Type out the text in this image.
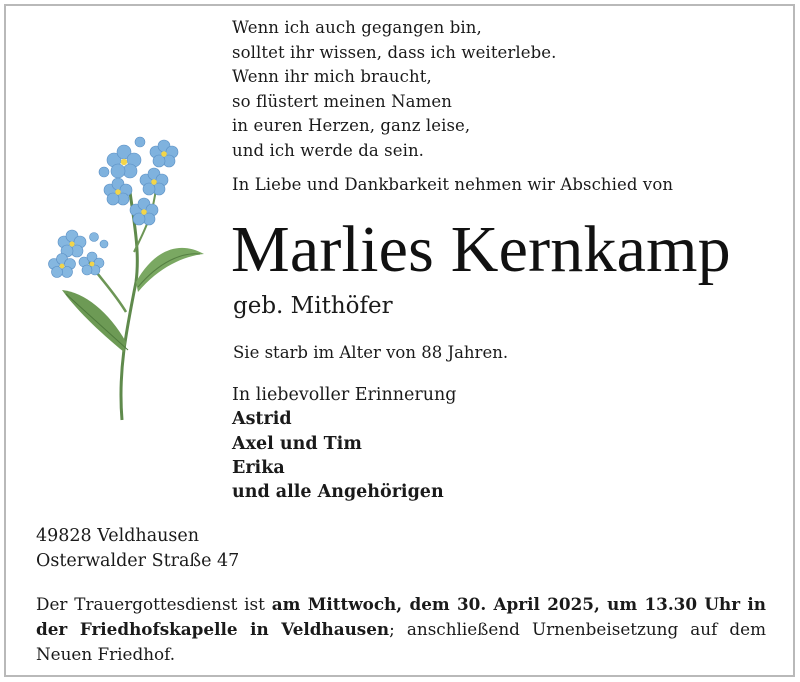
Wenn ich auch gegangen bin,
solltet ihr wissen, dass ich weiterlebe.
Wenn ihr mich braucht,
so flüstert meinen Namen
in euren Herzen, ganz leise,
und ich werde da sein.
In Liebe und Dankbarkeit nehmen wir Abschied von
Marlies Kernkamp
geb. Mithöfer
Sie starb im Alter von 88 Jahren.
In liebevoller Erinnerung
Astrid
Axel und Tim
Erika
und alle Angehörigen
49828 Veldhausen
Osterwalder Straße 47
Der Trauergottesdienst ist am Mittwoch, dem 30. April 2025, um 13.30 Uhr in der Friedhofskapelle in Veldhausen; anschließend Urnenbeisetzung auf dem Neuen Friedhof.
